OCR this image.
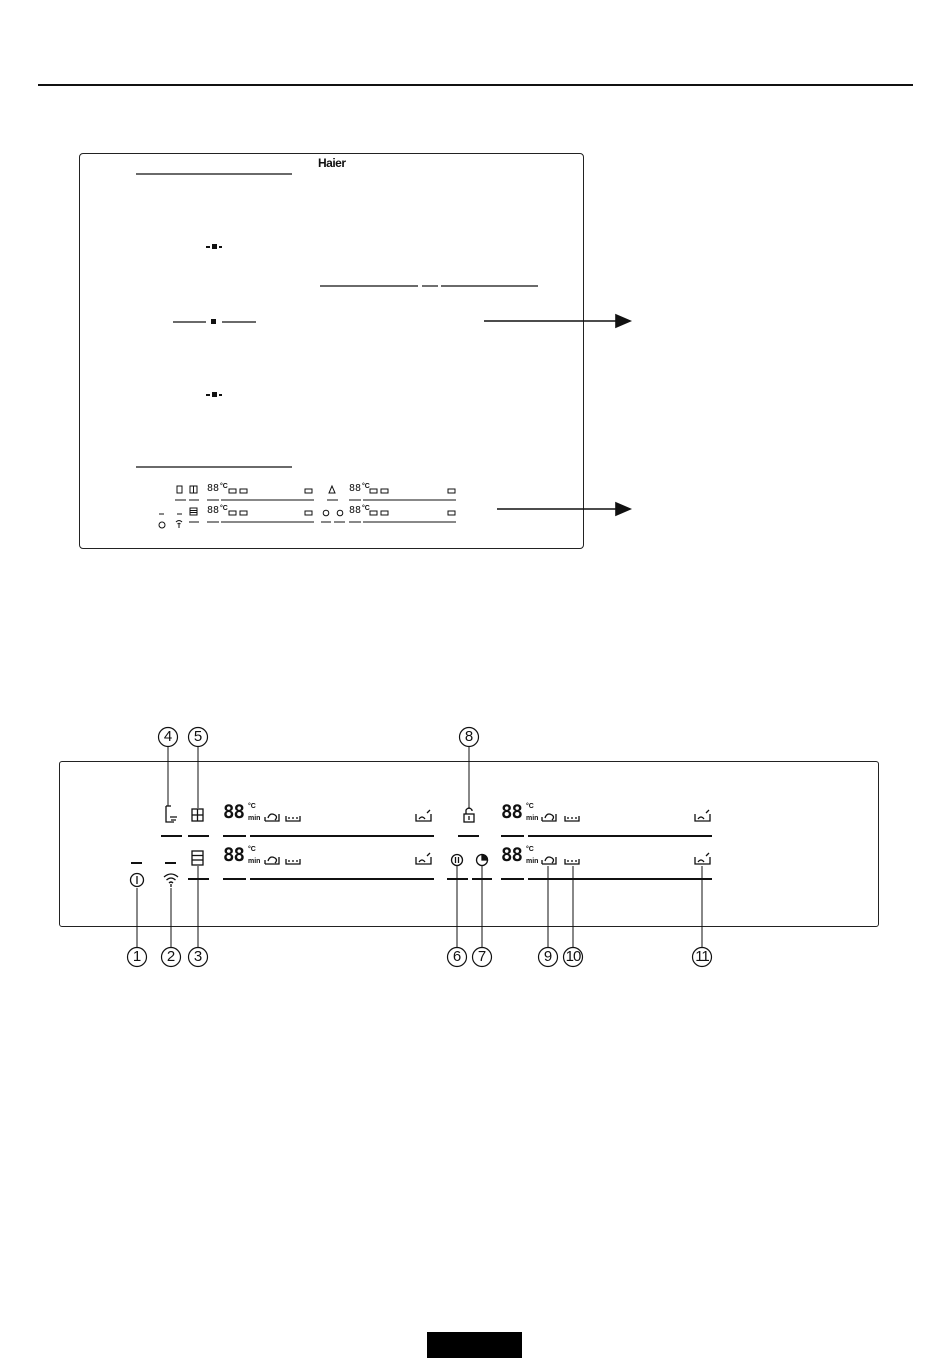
Haier
88 °C
88 °C
88 °C
88 °C
4 5	8
1 2 3	6 7	9 10	11
88 °C
min
88 °C
min
88 °C
min
88 °C
min
